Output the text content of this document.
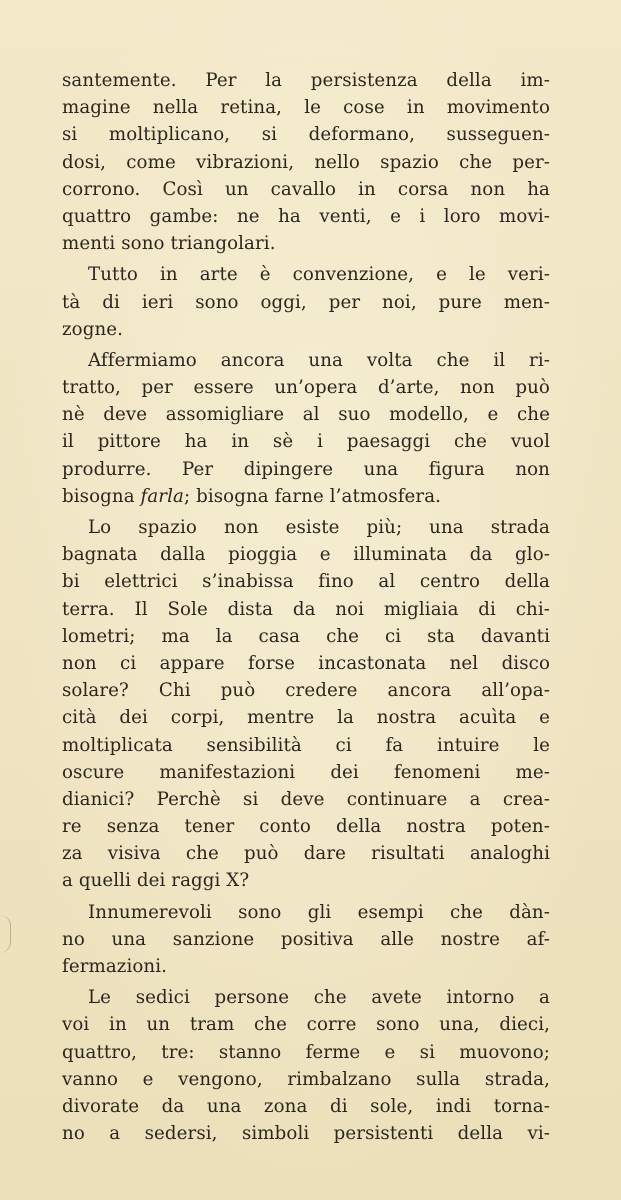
santemente. Per la persistenza della im-
magine nella retina, le cose in movimento
si moltiplicano, si deformano, susseguen-
dosi, come vibrazioni, nello spazio che per-
corrono. Così un cavallo in corsa non ha
quattro gambe: ne ha venti, e i loro movi-
menti sono triangolari.
Tutto in arte è convenzione, e le veri-
tà di ieri sono oggi, per noi, pure men-
zogne.
Affermiamo ancora una volta che il ri-
tratto, per essere un’opera d’arte, non può
nè deve assomigliare al suo modello, e che
il pittore ha in sè i paesaggi che vuol
produrre. Per dipingere una figura non
bisogna farla; bisogna farne l’atmosfera.
Lo spazio non esiste più; una strada
bagnata dalla pioggia e illuminata da glo-
bi elettrici s’inabissa fino al centro della
terra. Il Sole dista da noi migliaia di chi-
lometri; ma la casa che ci sta davanti
non ci appare forse incastonata nel disco
solare? Chi può credere ancora all’opa-
cità dei corpi, mentre la nostra acuìta e
moltiplicata sensibilità ci fa intuire le
oscure manifestazioni dei fenomeni me-
dianici? Perchè si deve continuare a crea-
re senza tener conto della nostra poten-
za visiva che può dare risultati analoghi
a quelli dei raggi X?
Innumerevoli sono gli esempi che dàn-
no una sanzione positiva alle nostre af-
fermazioni.
Le sedici persone che avete intorno a
voi in un tram che corre sono una, dieci,
quattro, tre: stanno ferme e si muovono;
vanno e vengono, rimbalzano sulla strada,
divorate da una zona di sole, indi torna-
no a sedersi, simboli persistenti della vi-
